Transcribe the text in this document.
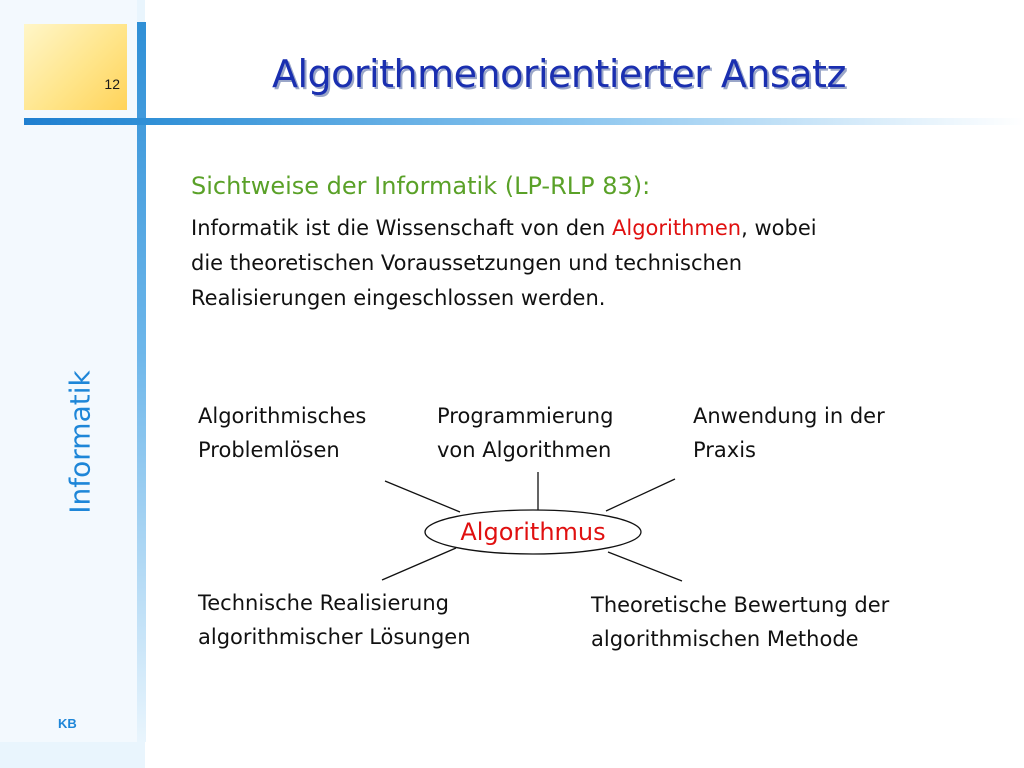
12
Informatik
KB
Algorithmenorientierter Ansatz
Sichtweise der Informatik (LP-RLP 83):
Informatik ist die Wissenschaft von den Algorithmen, wobei
die theoretischen Voraussetzungen und technischen
Realisierungen eingeschlossen werden.
Algorithmus
Algorithmisches
Problemlösen
Programmierung
von Algorithmen
Anwendung in der
Praxis
Technische Realisierung
algorithmischer Lösungen
Theoretische Bewertung der
algorithmischen Methode
